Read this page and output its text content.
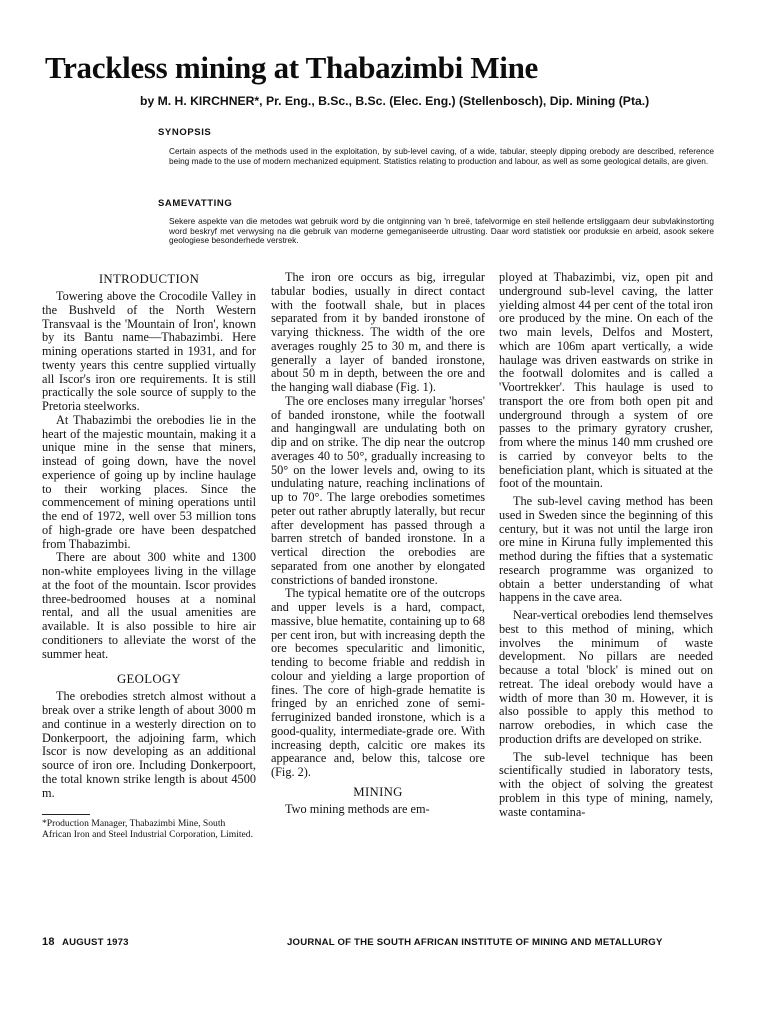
Trackless mining at Thabazimbi Mine
by M. H. KIRCHNER*, Pr. Eng., B.Sc., B.Sc. (Elec. Eng.) (Stellenbosch), Dip. Mining (Pta.)
SYNOPSIS
Certain aspects of the methods used in the exploitation, by sub-level caving, of a wide, tabular, steeply dipping orebody are described, reference being made to the use of modern mechanized equipment. Statistics relating to production and labour, as well as some geological details, are given.
SAMEVATTING
Sekere aspekte van die metodes wat gebruik word by die ontginning van 'n breë, tafelvormige en steil hellende ertsliggaam deur subvlakinstorting word beskryf met verwysing na die gebruik van moderne gemeganiseerde uitrusting. Daar word statistiek oor produksie en arbeid, asook sekere geologiese besonderhede verstrek.
INTRODUCTION

Towering above the Crocodile Valley in the Bushveld of the North Western Transvaal is the 'Mountain of Iron', known by its Bantu name—Thabazimbi. Here mining operations started in 1931, and for twenty years this centre supplied virtually all Iscor's iron ore requirements. It is still practically the sole source of supply to the Pretoria steelworks.

At Thabazimbi the orebodies lie in the heart of the majestic mountain, making it a unique mine in the sense that miners, instead of going down, have the novel experience of going up by incline haulage to their working places. Since the commencement of mining operations until the end of 1972, well over 53 million tons of high-grade ore have been despatched from Thabazimbi.

There are about 300 white and 1300 non-white employees living in the village at the foot of the mountain. Iscor provides three-bedroomed houses at a nominal rental, and all the usual amenities are available. It is also possible to hire air conditioners to alleviate the worst of the summer heat.

GEOLOGY

The orebodies stretch almost without a break over a strike length of about 3000 m and continue in a westerly direction on to Donkerpoort, the adjoining farm, which Iscor is now developing as an additional source of iron ore. Including Donkerpoort, the total known strike length is about 4500 m.

*Production Manager, Thabazimbi Mine, South African Iron and Steel Industrial Corporation, Limited.

The iron ore occurs as big, irregular tabular bodies, usually in direct contact with the footwall shale, but in places separated from it by banded ironstone of varying thickness. The width of the ore averages roughly 25 to 30 m, and there is generally a layer of banded ironstone, about 50 m in depth, between the ore and the hanging wall diabase (Fig. 1).

The ore encloses many irregular 'horses' of banded ironstone, while the footwall and hangingwall are undulating both on dip and on strike. The dip near the outcrop averages 40 to 50°, gradually increasing to 50° on the lower levels and, owing to its undulating nature, reaching inclinations of up to 70°. The large orebodies sometimes peter out rather abruptly laterally, but recur after development has passed through a barren stretch of banded ironstone. In a vertical direction the orebodies are separated from one another by elongated constrictions of banded ironstone.

The typical hematite ore of the outcrops and upper levels is a hard, compact, massive, blue hematite, containing up to 68 per cent iron, but with increasing depth the ore becomes specularitic and limonitic, tending to become friable and reddish in colour and yielding a large proportion of fines. The core of high-grade hematite is fringed by an enriched zone of semi-ferruginized banded ironstone, which is a good-quality, intermediate-grade ore. With increasing depth, calcitic ore makes its appearance and, below this, talcose ore (Fig. 2).

MINING

Two mining methods are em-

ployed at Thabazimbi, viz, open pit and underground sub-level caving, the latter yielding almost 44 per cent of the total iron ore produced by the mine. On each of the two main levels, Delfos and Mostert, which are 106m apart vertically, a wide haulage was driven eastwards on strike in the footwall dolomites and is called a 'Voortrekker'. This haulage is used to transport the ore from both open pit and underground through a system of ore passes to the primary gyratory crusher, from where the minus 140 mm crushed ore is carried by conveyor belts to the beneficiation plant, which is situated at the foot of the mountain.

The sub-level caving method has been used in Sweden since the beginning of this century, but it was not until the large iron ore mine in Kiruna fully implemented this method during the fifties that a systematic research programme was organized to obtain a better understanding of what happens in the cave area.

Near-vertical orebodies lend themselves best to this method of mining, which involves the minimum of waste development. No pillars are needed because a total 'block' is mined out on retreat. The ideal orebody would have a width of more than 30 m. However, it is also possible to apply this method to narrow orebodies, in which case the production drifts are developed on strike.

The sub-level technique has been scientifically studied in laboratory tests, with the object of solving the greatest problem in this type of mining, namely, waste contamina-

18 AUGUST 1973	JOURNAL OF THE SOUTH AFRICAN INSTITUTE OF MINING AND METALLURGY
